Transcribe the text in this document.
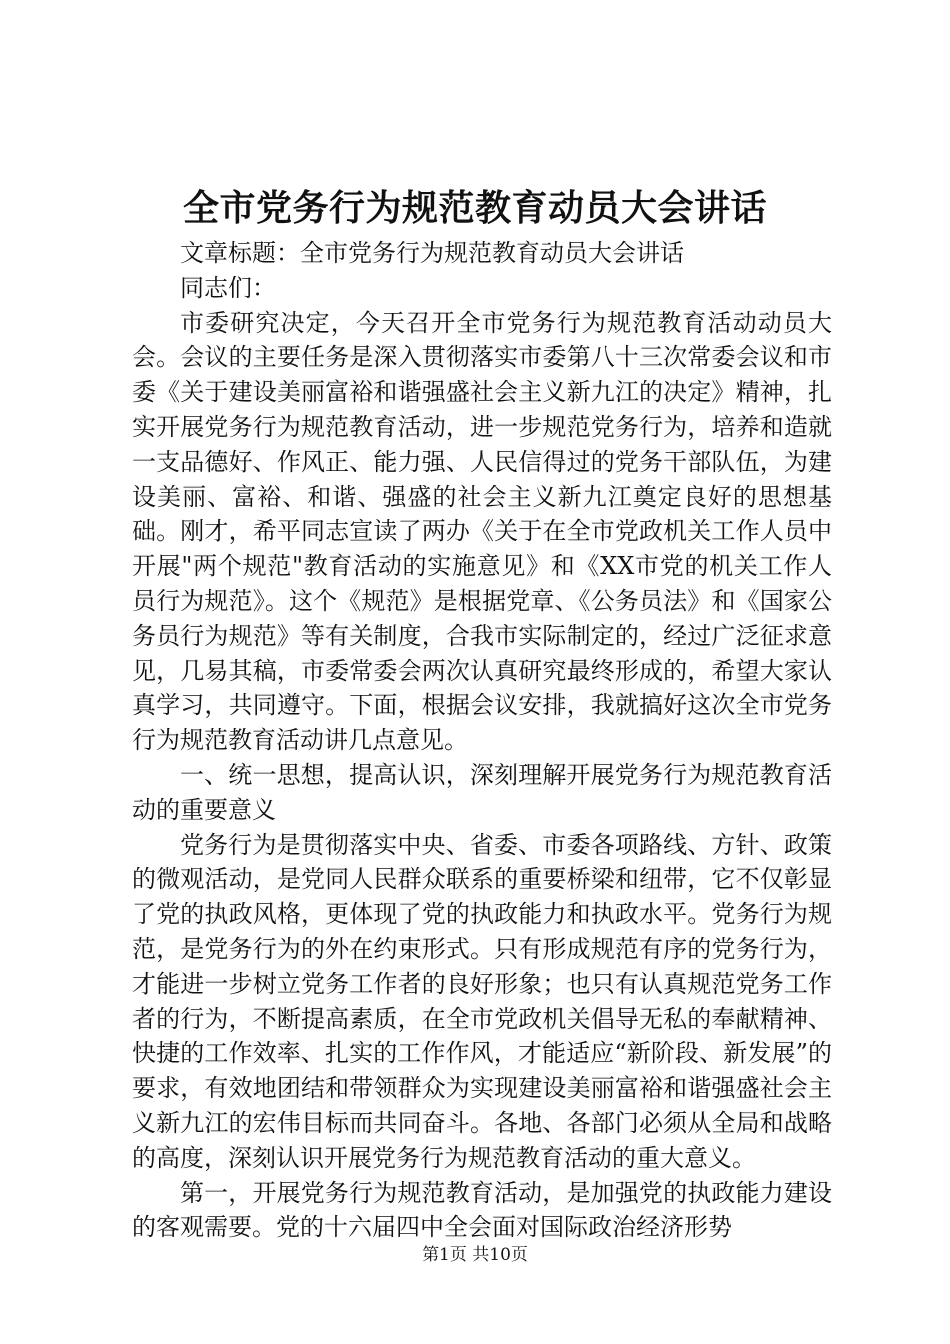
全市党务行为规范教育动员大会讲话

文章标题：全市党务行为规范教育动员大会讲话

同志们：

市委研究决定，今天召开全市党务行为规范教育活动动员大会。会议的主要任务是深入贯彻落实市委第八十三次常委会议和市委《关于建设美丽富裕和谐强盛社会主义新九江的决定》精神，扎实开展党务行为规范教育活动，进一步规范党务行为，培养和造就一支品德好、作风正、能力强、人民信得过的党务干部队伍，为建设美丽、富裕、和谐、强盛的社会主义新九江奠定良好的思想基础。刚才，希平同志宣读了两办《关于在全市党政机关工作人员中开展"两个规范"教育活动的实施意见》和《XX市党的机关工作人员行为规范》。这个《规范》是根据党章、《公务员法》和《国家公务员行为规范》等有关制度，合我市实际制定的，经过广泛征求意见，几易其稿，市委常委会两次认真研究最终形成的，希望大家认真学习，共同遵守。下面，根据会议安排，我就搞好这次全市党务行为规范教育活动讲几点意见。

一、统一思想，提高认识，深刻理解开展党务行为规范教育活动的重要意义

党务行为是贯彻落实中央、省委、市委各项路线、方针、政策的微观活动，是党同人民群众联系的重要桥梁和纽带，它不仅彰显了党的执政风格，更体现了党的执政能力和执政水平。党务行为规范，是党务行为的外在约束形式。只有形成规范有序的党务行为，才能进一步树立党务工作者的良好形象；也只有认真规范党务工作者的行为，不断提高素质，在全市党政机关倡导无私的奉献精神、快捷的工作效率、扎实的工作作风，才能适应“新阶段、新发展”的要求，有效地团结和带领群众为实现建设美丽富裕和谐强盛社会主义新九江的宏伟目标而共同奋斗。各地、各部门必须从全局和战略的高度，深刻认识开展党务行为规范教育活动的重大意义。

第一，开展党务行为规范教育活动，是加强党的执政能力建设的客观需要。党的十六届四中全会面对国际政治经济形势

第1页 共10页
